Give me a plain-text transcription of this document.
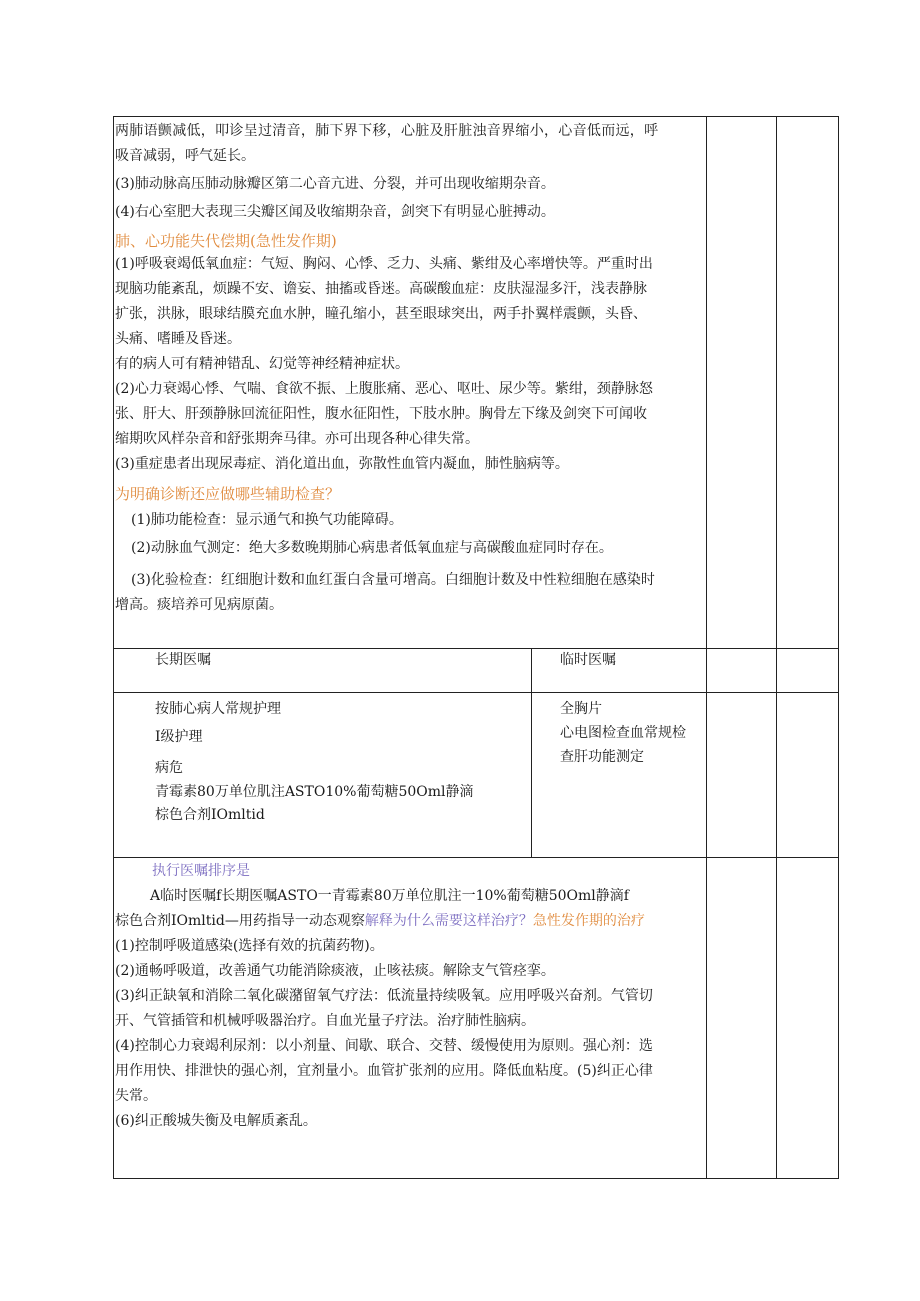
两肺语颤减低，叩诊呈过清音，肺下界下移，心脏及肝脏浊音界缩小，心音低而远，呼
吸音减弱，呼气延长。
(3)肺动脉高压肺动脉瓣区第二心音亢进、分裂，并可出现收缩期杂音。
(4)右心室肥大表现三尖瓣区闻及收缩期杂音，剑突下有明显心脏搏动。
肺、心功能失代偿期(急性发作期)
(1)呼吸衰竭低氧血症：气短、胸闷、心悸、乏力、头痛、紫绀及心率增快等。严重时出
现脑功能紊乱，烦躁不安、谵妄、抽搐或昏迷。高碳酸血症：皮肤湿湿多汗，浅表静脉
扩张，洪脉，眼球结膜充血水肿，瞳孔缩小，甚至眼球突出，两手扑翼样震颤，头昏、
头痛、嗜睡及昏迷。
有的病人可有精神错乱、幻觉等神经精神症状。
(2)心力衰竭心悸、气喘、食欲不振、上腹胀痛、恶心、呕吐、尿少等。紫绀，颈静脉怒
张、肝大、肝颈静脉回流征阳性，腹水征阳性，下肢水肿。胸骨左下缘及剑突下可闻收
缩期吹风样杂音和舒张期奔马律。亦可出现各种心律失常。
(3)重症患者出现尿毒症、消化道出血，弥散性血管内凝血，肺性脑病等。
为明确诊断还应做哪些辅助检查？
(1)肺功能检查：显示通气和换气功能障碍。
(2)动脉血气测定：绝大多数晚期肺心病患者低氧血症与高碳酸血症同时存在。
(3)化验检查：红细胞计数和血红蛋白含量可增高。白细胞计数及中性粒细胞在感染时
增高。痰培养可见病原菌。
长期医嘱	临时医嘱
按肺心病人常规护理
I级护理
病危
青霉素80万单位肌注ASTO10%葡萄糖50Oml静滴
棕色合剂IOmltid
全胸片
心电图检查血常规检
查肝功能测定
执行医嘱排序是
A临时医嘱f长期医嘱ASTO一青霉素80万单位肌注一10%葡萄糖50Oml静滴f
棕色合剂IOmltid—用药指导一动态观察解释为什么需要这样治疗？急性发作期的治疗
(1)控制呼吸道感染(选择有效的抗菌药物)。
(2)通畅呼吸道，改善通气功能消除痰液，止咳祛痰。解除支气管痉挛。
(3)纠正缺氧和消除二氧化碳潴留氧气疗法：低流量持续吸氧。应用呼吸兴奋剂。气管切
开、气管插管和机械呼吸器治疗。自血光量子疗法。治疗肺性脑病。
(4)控制心力衰竭利尿剂：以小剂量、间歇、联合、交替、缓慢使用为原则。强心剂：选
用作用快、排泄快的强心剂，宜剂量小。血管扩张剂的应用。降低血粘度。(5)纠正心律
失常。
(6)纠正酸城失衡及电解质紊乱。
